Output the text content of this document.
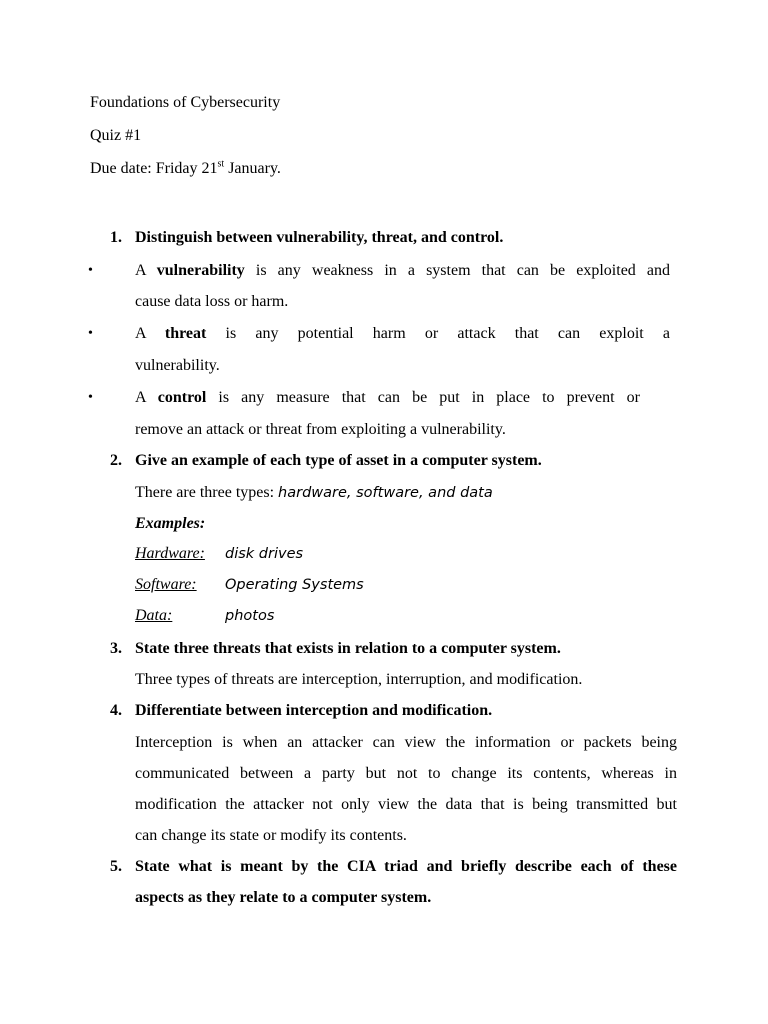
Foundations of Cybersecurity
Quiz #1
Due date: Friday 21st January.
1. Distinguish between vulnerability, threat, and control.
•	A vulnerability is any weakness in a system that can be exploited and
cause data loss or harm.
•	A threat is any potential harm or attack that can exploit a
vulnerability.
•	A control is any measure that can be put in place to prevent or
remove an attack or threat from exploiting a vulnerability.
2. Give an example of each type of asset in a computer system.
There are three types: hardware, software, and data
Examples:
Hardware: disk drives
Software: Operating Systems
Data:	photos
3. State three threats that exists in relation to a computer system.
Three types of threats are interception, interruption, and modification.
4. Differentiate between interception and modification.
Interception is when an attacker can view the information or packets being
communicated between a party but not to change its contents, whereas in
modification the attacker not only view the data that is being transmitted but
can change its state or modify its contents.
5. State what is meant by the CIA triad and briefly describe each of these
aspects as they relate to a computer system.
